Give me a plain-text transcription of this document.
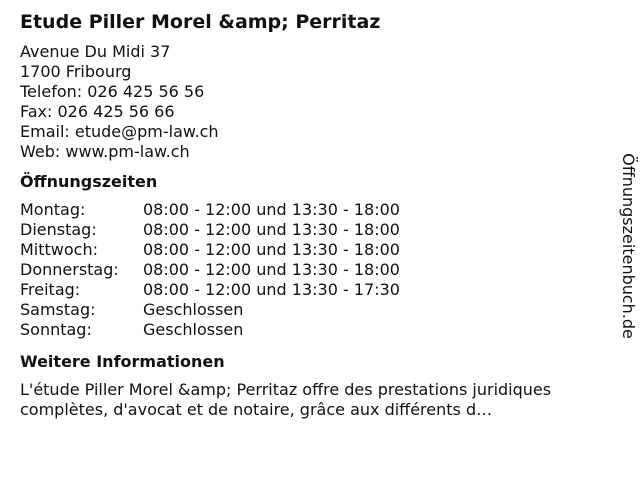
Etude Piller Morel &amp; Perritaz
Avenue Du Midi 37
1700 Fribourg
Telefon: 026 425 56 56
Fax: 026 425 56 66
Email: etude@pm-law.ch
Web: www.pm-law.ch
Öffnungszeiten
Montag:	08:00 - 12:00 und 13:30 - 18:00
Dienstag:	08:00 - 12:00 und 13:30 - 18:00
Mittwoch:	08:00 - 12:00 und 13:30 - 18:00
Donnerstag:	08:00 - 12:00 und 13:30 - 18:00
Freitag:	08:00 - 12:00 und 13:30 - 17:30
Samstag:	Geschlossen
Sonntag:	Geschlossen
Weitere Informationen
L'étude Piller Morel &amp; Perritaz offre des prestations juridiques complètes, d'avocat et de notaire, grâce aux différents d…
Öffnungszeitenbuch.de
